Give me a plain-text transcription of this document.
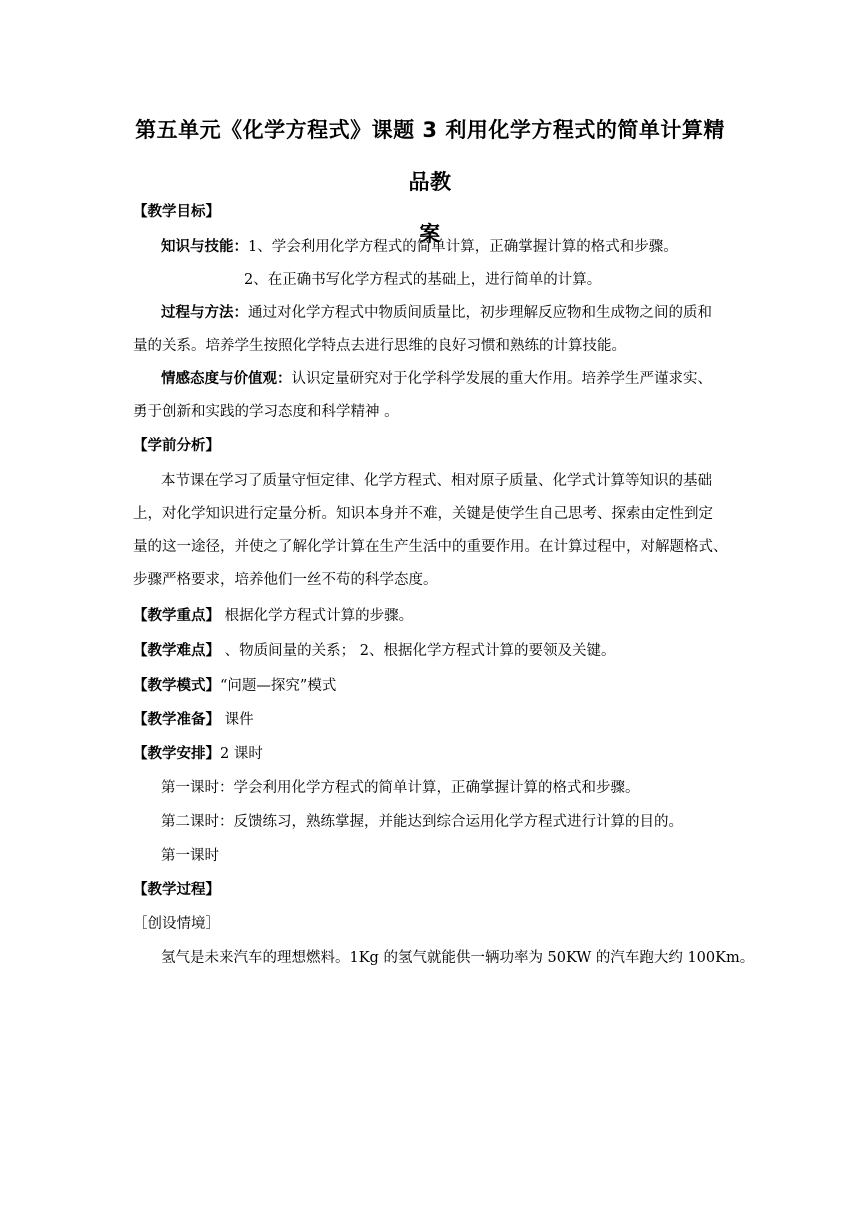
第五单元《化学方程式》课题 3 利用化学方程式的简单计算精品教
案
【教学目标】
知识与技能：1、学会利用化学方程式的简单计算，正确掌握计算的格式和步骤。
2、在正确书写化学方程式的基础上，进行简单的计算。
过程与方法：通过对化学方程式中物质间质量比，初步理解反应物和生成物之间的质和
量的关系。培养学生按照化学特点去进行思维的良好习惯和熟练的计算技能。
情感态度与价值观：认识定量研究对于化学科学发展的重大作用。培养学生严谨求实、
勇于创新和实践的学习态度和科学精神 。
【学前分析】
本节课在学习了质量守恒定律、化学方程式、相对原子质量、化学式计算等知识的基础
上，对化学知识进行定量分析。知识本身并不难，关键是使学生自己思考、探索由定性到定
量的这一途径，并使之了解化学计算在生产生活中的重要作用。在计算过程中，对解题格式、
步骤严格要求，培养他们一丝不苟的科学态度。
【教学重点】 根据化学方程式计算的步骤。
【教学难点】 、物质间量的关系； 2、根据化学方程式计算的要领及关键。
【教学模式】“问题—探究”模式
【教学准备】 课件
【教学安排】2 课时
第一课时：学会利用化学方程式的简单计算，正确掌握计算的格式和步骤。
第二课时：反馈练习，熟练掌握，并能达到综合运用化学方程式进行计算的目的。
第一课时
【教学过程】
［创设情境］
氢气是未来汽车的理想燃料。1Kg 的氢气就能供一辆功率为 50KW 的汽车跑大约 100Km。
